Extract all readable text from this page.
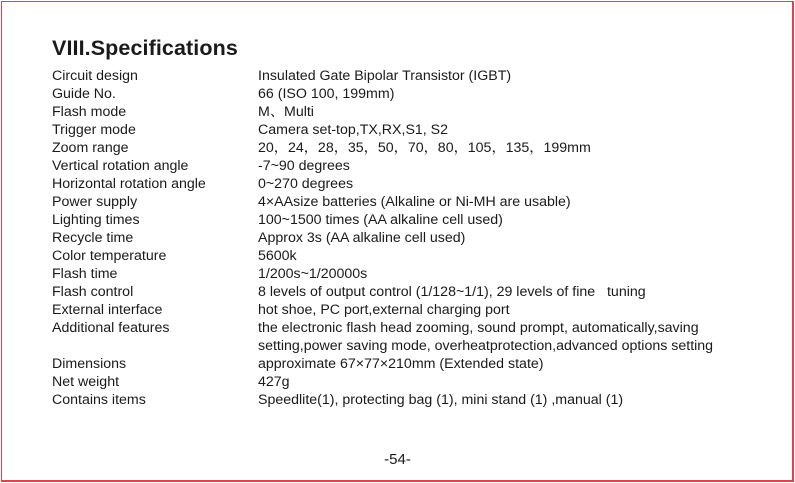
VIII.Specifications
Circuit design	Insulated Gate Bipolar Transistor (IGBT)
Guide No.	66 (ISO 100, 199mm)
Flash mode	M、Multi
Trigger mode	Camera set-top,TX,RX,S1, S2
Zoom range	20，24，28，35，50，70，80，105，135，199mm
Vertical rotation angle	-7~90 degrees
Horizontal rotation angle	0~270 degrees
Power supply	4×AAsize batteries (Alkaline or Ni-MH are usable)
Lighting times	100~1500 times (AA alkaline cell used)
Recycle time	Approx 3s (AA alkaline cell used)
Color temperature	5600k
Flash time	1/200s~1/20000s
Flash control	8 levels of output control (1/128~1/1), 29 levels of fine   tuning
External interface	hot shoe, PC port,external charging port
Additional features	the electronic flash head zooming, sound prompt, automatically,saving setting,power saving mode, overheatprotection,advanced options setting
Dimensions	approximate 67×77×210mm (Extended state)
Net weight	427g
Contains items	Speedlite(1), protecting bag (1), mini stand (1) ,manual (1)
-54-
